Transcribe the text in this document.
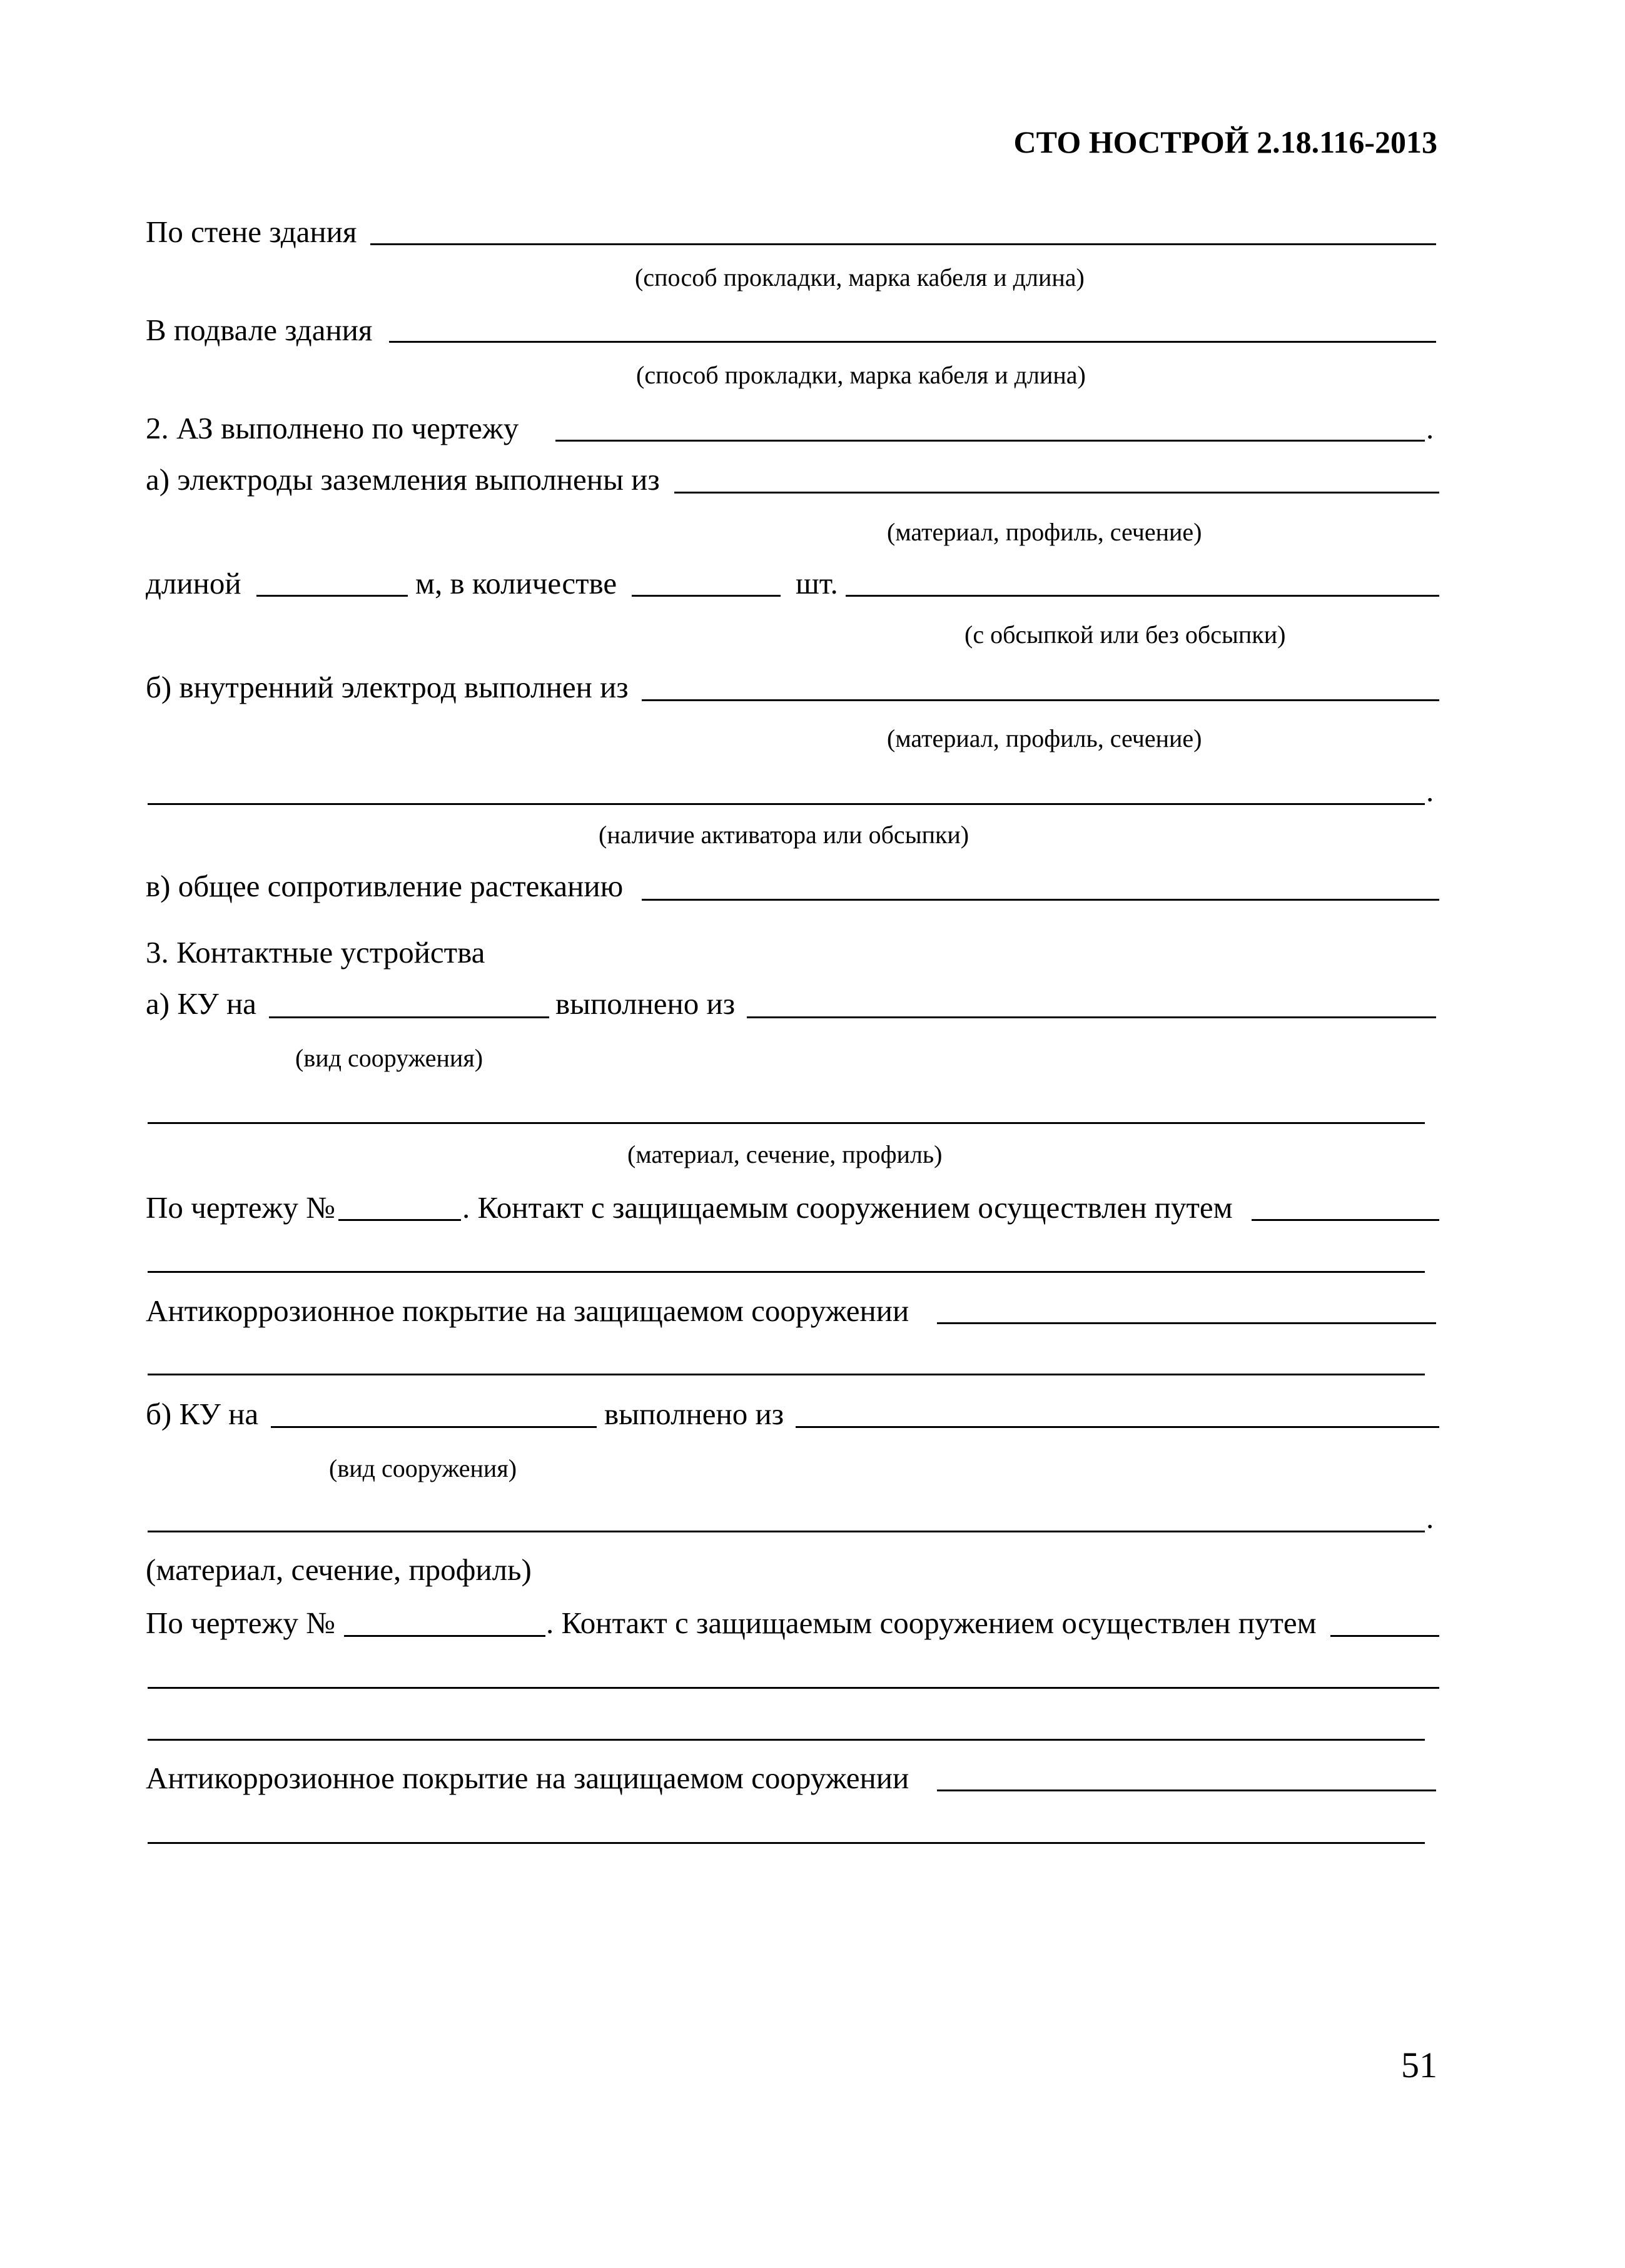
СТО НОСТРОЙ 2.18.116-2013
По стене здания
(способ прокладки, марка кабеля и длина)
В подвале здания
(способ прокладки, марка кабеля и длина)
2. АЗ выполнено по чертежу	.
а) электроды заземления выполнены из
(материал, профиль, сечение)
длиной	м, в количестве	шт.
(с обсыпкой или без обсыпки)
б) внутренний электрод выполнен из
(материал, профиль, сечение)
.
(наличие активатора или обсыпки)
в) общее сопротивление растеканию
3. Контактные устройства
а) КУ на	выполнено из
(вид сооружения)
(материал, сечение, профиль)
По чертежу №	. Контакт с защищаемым сооружением осуществлен путем
Антикоррозионное покрытие на защищаемом сооружении
б) КУ на	выполнено из
(вид сооружения)
.
(материал, сечение, профиль)
По чертежу №	. Контакт с защищаемым сооружением осуществлен путем
Антикоррозионное покрытие на защищаемом сооружении
51
